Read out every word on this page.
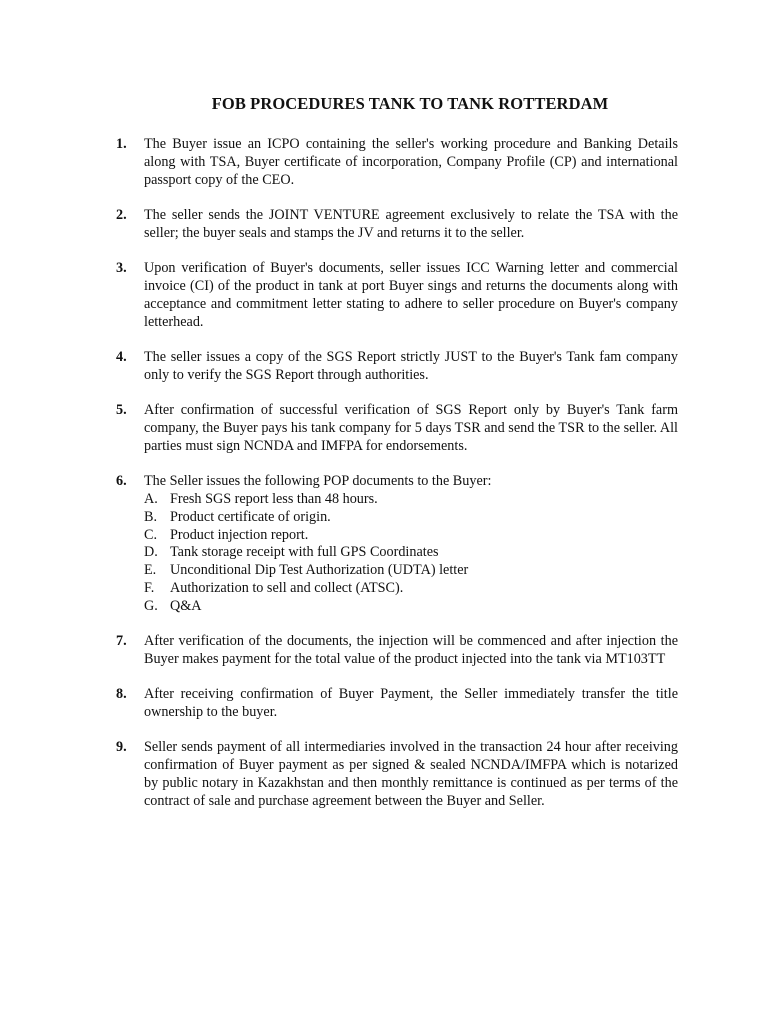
FOB PROCEDURES TANK TO TANK ROTTERDAM
1.	The Buyer issue an ICPO containing the seller's working procedure and Banking Details along with TSA, Buyer certificate of incorporation, Company Profile (CP) and international passport copy of the CEO.
2.	The seller sends the JOINT VENTURE agreement exclusively to relate the TSA with the seller; the buyer seals and stamps the JV and returns it to the seller.
3.	Upon verification of Buyer's documents, seller issues ICC Warning letter and commercial invoice (CI) of the product in tank at port Buyer sings and returns the documents along with acceptance and commitment letter stating to adhere to seller procedure on Buyer's company letterhead.
4.	The seller issues a copy of the SGS Report strictly JUST to the Buyer's Tank fam company only to verify the SGS Report through authorities.
5.	After confirmation of successful verification of SGS Report only by Buyer's Tank farm company, the Buyer pays his tank company for 5 days TSR and send the TSR to the seller. All parties must sign NCNDA and IMFPA for endorsements.
6.	The Seller issues the following POP documents to the Buyer:
A. Fresh SGS report less than 48 hours.
B. Product certificate of origin.
C. Product injection report.
D. Tank storage receipt with full GPS Coordinates
E. Unconditional Dip Test Authorization (UDTA) letter
F.	Authorization to sell and collect (ATSC).
G. Q&A
7.	After verification of the documents, the injection will be commenced and after injection the Buyer makes payment for the total value of the product injected into the tank via MT103TT
8.	After receiving confirmation of Buyer Payment, the Seller immediately transfer the title ownership to the buyer.
9.	Seller sends payment of all intermediaries involved in the transaction 24 hour after receiving confirmation of Buyer payment as per signed & sealed NCNDA/IMFPA which is notarized by public notary in Kazakhstan and then monthly remittance is continued as per terms of the contract of sale and purchase agreement between the Buyer and Seller.
